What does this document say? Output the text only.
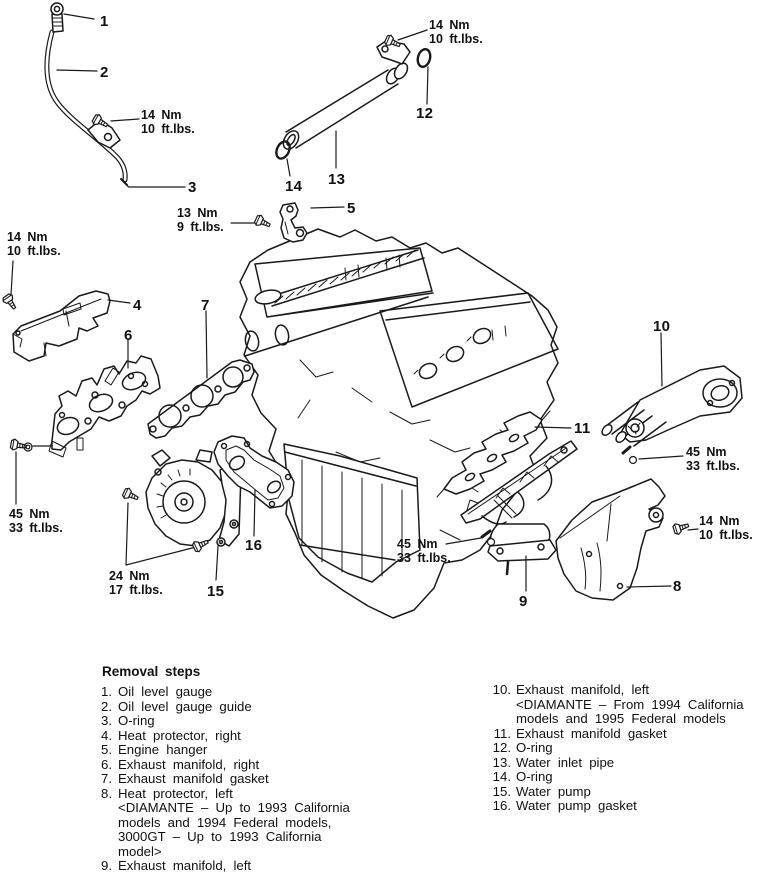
1
2
3
4
5
6
7
8
9
10
11
12
13
14
15
16
14 Nm
10 ft.lbs.
14 Nm
10 ft.lbs.
13 Nm
9 ft.lbs.
14 Nm
10 ft.lbs.
45 Nm
33 ft.lbs.
24 Nm
17 ft.lbs.
45 Nm
33 ft.lbs.
45 Nm
33 ft.lbs.
14 Nm
10 ft.lbs.
Removal steps
1. Oil level gauge
2. Oil level gauge guide
3. O-ring
4. Heat protector, right
5. Engine hanger
6. Exhaust manifold, right
7. Exhaust manifold gasket
8. Heat protector, left
<DIAMANTE – Up to 1993 California
models and 1994 Federal models,
3000GT – Up to 1993 California
model>
9. Exhaust manifold, left
10. Exhaust manifold, left
<DIAMANTE – From 1994 California
models and 1995 Federal models
11. Exhaust manifold gasket
12. O-ring
13. Water inlet pipe
14. O-ring
15. Water pump
16. Water pump gasket
